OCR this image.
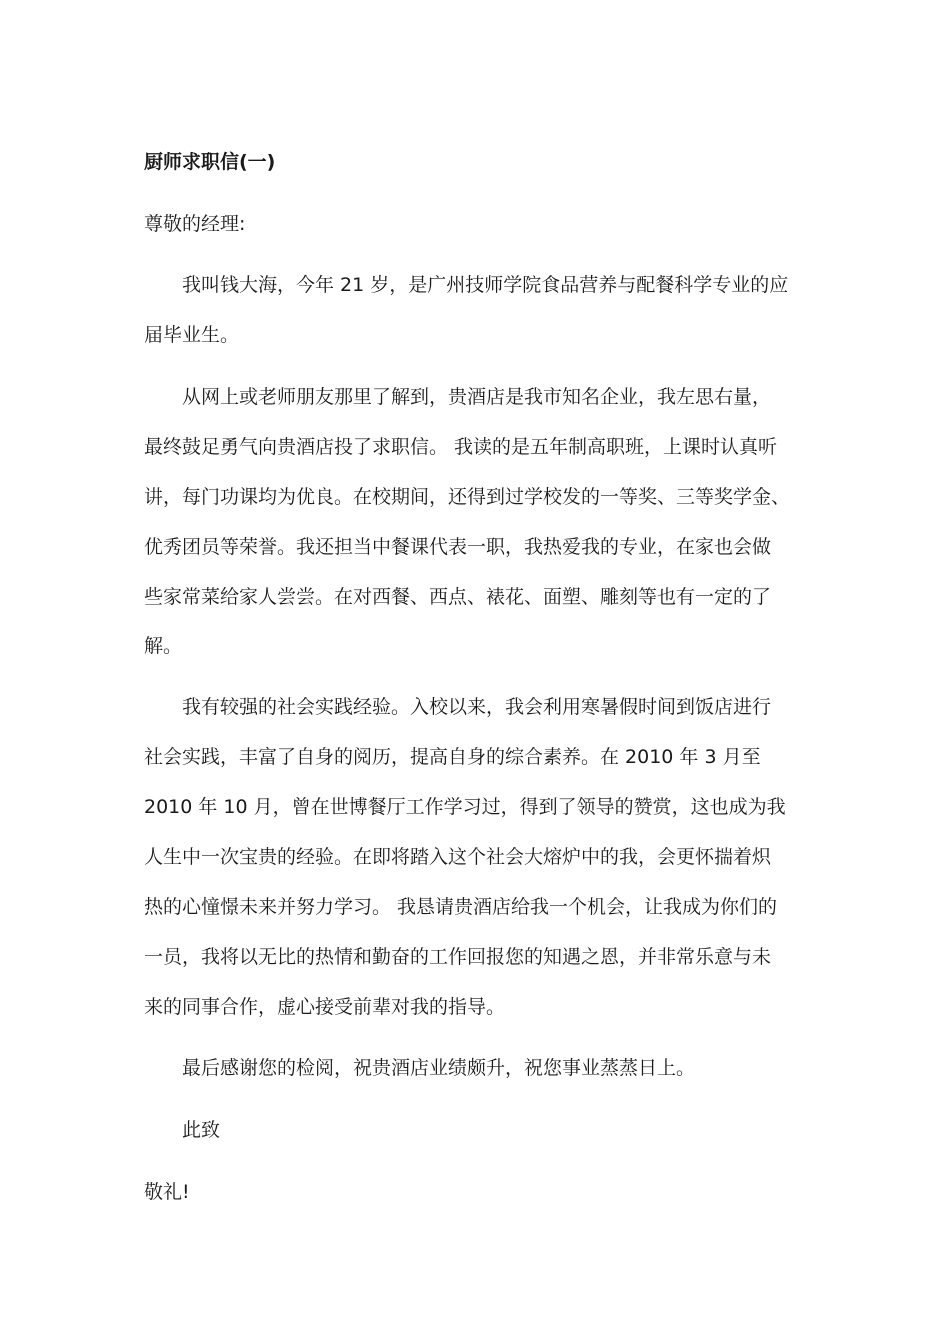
厨师求职信(一)
尊敬的经理:
我叫钱大海，今年 21 岁，是广州技师学院食品营养与配餐科学专业的应
届毕业生。
从网上或老师朋友那里了解到，贵酒店是我市知名企业，我左思右量，
最终鼓足勇气向贵酒店投了求职信。 我读的是五年制高职班，上课时认真听
讲，每门功课均为优良。在校期间，还得到过学校发的一等奖、三等奖学金、
优秀团员等荣誉。我还担当中餐课代表一职，我热爱我的专业，在家也会做
些家常菜给家人尝尝。在对西餐、西点、裱花、面塑、雕刻等也有一定的了
解。
我有较强的社会实践经验。入校以来，我会利用寒暑假时间到饭店进行
社会实践，丰富了自身的阅历，提高自身的综合素养。在 2010 年 3 月至
2010 年 10 月，曾在世博餐厅工作学习过，得到了领导的赞赏，这也成为我
人生中一次宝贵的经验。在即将踏入这个社会大熔炉中的我，会更怀揣着炽
热的心憧憬未来并努力学习。 我恳请贵酒店给我一个机会，让我成为你们的
一员，我将以无比的热情和勤奋的工作回报您的知遇之恩，并非常乐意与未
来的同事合作，虚心接受前辈对我的指导。
最后感谢您的检阅，祝贵酒店业绩颇升，祝您事业蒸蒸日上。
此致
敬礼!
